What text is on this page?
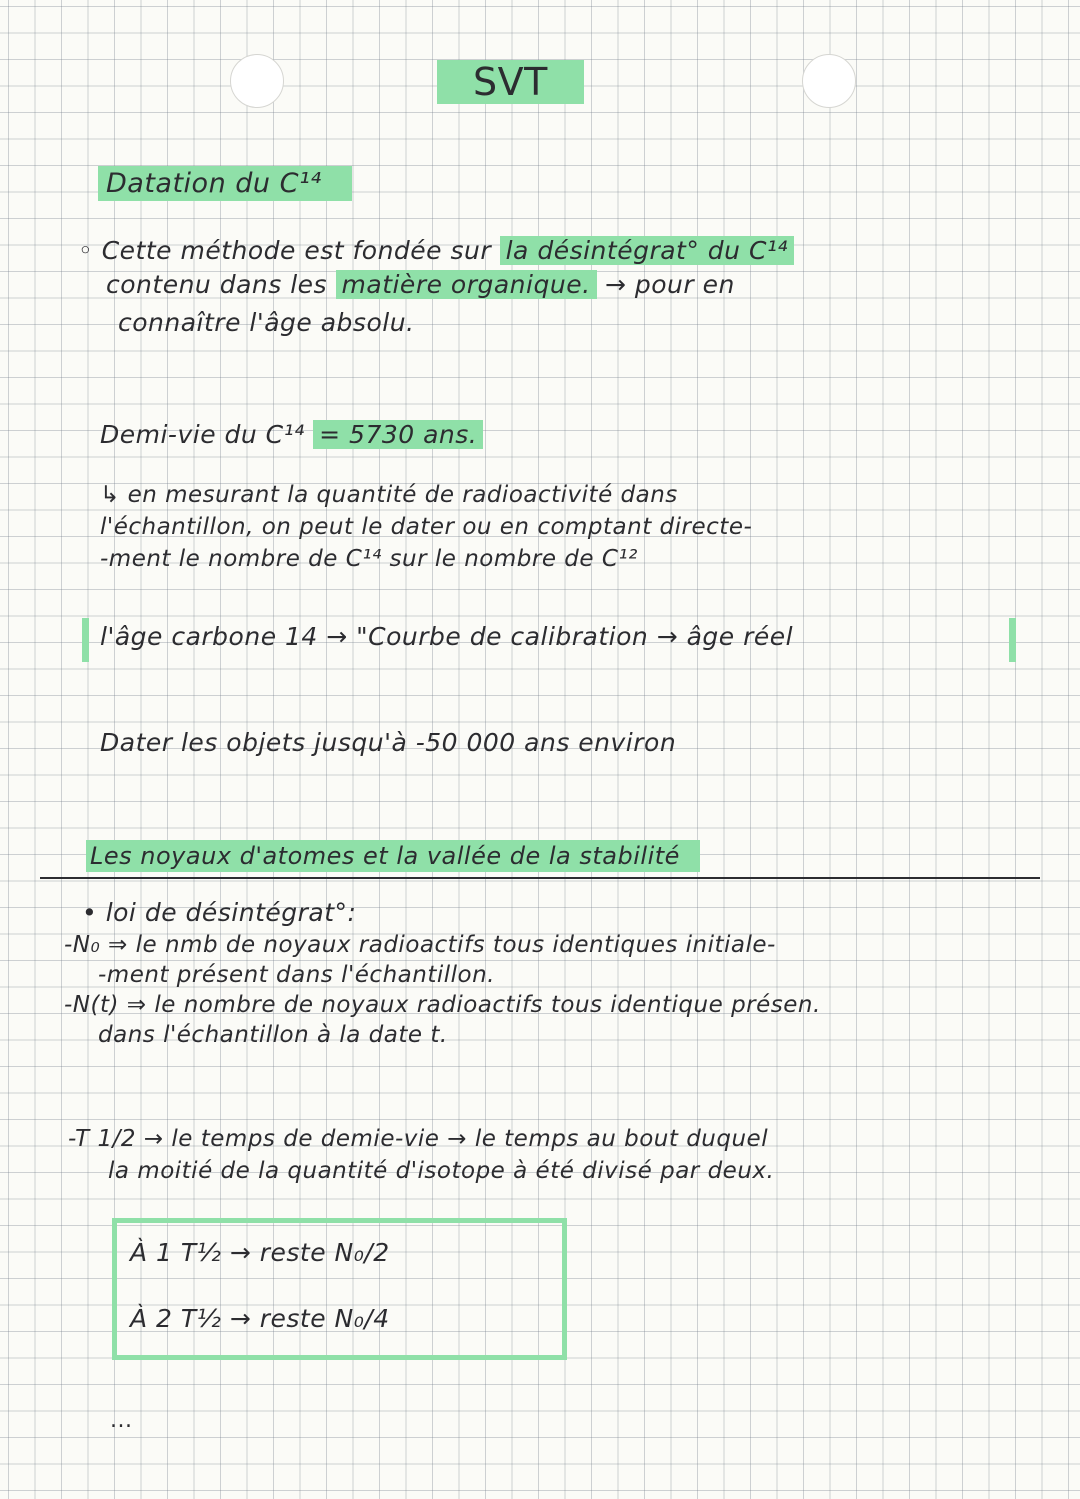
SVT
Datation du C¹⁴
◦ Cette méthode est fondée sur la désintégrat° du C¹⁴
contenu dans les matière organique. → pour en
connaître l'âge absolu.
Demi-vie du C¹⁴ = 5730 ans.
↳ en mesurant la quantité de radioactivité dans
l'échantillon, on peut le dater ou en comptant directe-
-ment le nombre de C¹⁴ sur le nombre de C¹²
l'âge carbone 14 → "Courbe de calibration → âge réel
Dater les objets jusqu'à -50 000 ans environ
Les noyaux d'atomes et la vallée de la stabilité
• loi de désintégrat°:
-N₀ ⇒ le nmb de noyaux radioactifs tous identiques initiale-
-ment présent dans l'échantillon.
-N(t) ⇒ le nombre de noyaux radioactifs tous identique présen.
dans l'échantillon à la date t.
-T 1/2 → le temps de demie-vie → le temps au bout duquel
la moitié de la quantité d'isotope à été divisé par deux.
À 1 T½ → reste N₀/2
À 2 T½ → reste N₀/4
...
